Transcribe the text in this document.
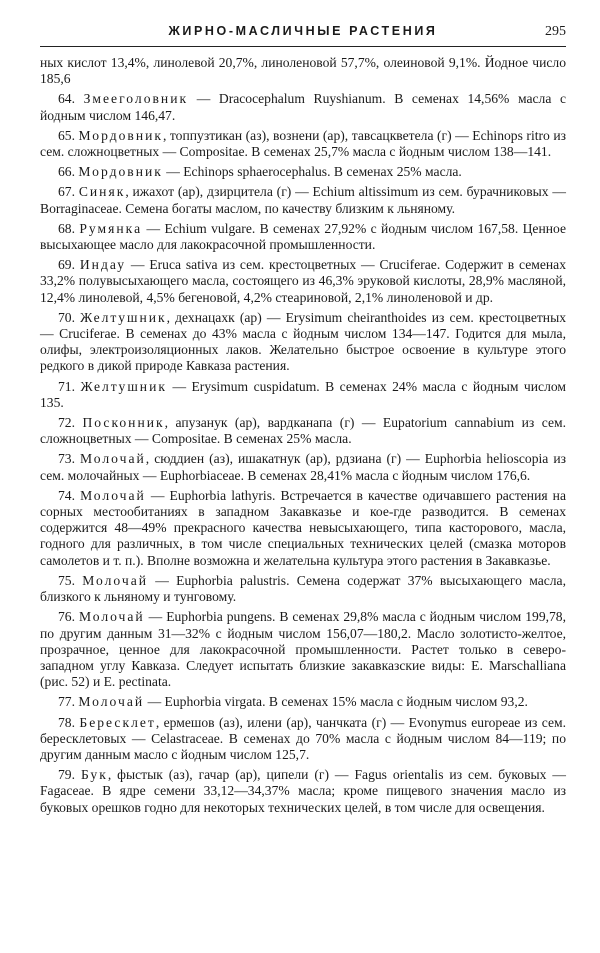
ЖИРНО-МАСЛИЧНЫЕ РАСТЕНИЯ	295

ных кислот 13,4%, линолевой 20,7%, линоленовой 57,7%, олеиновой 9,1%. Йодное число 185,6

64. Змееголовник — Dracocephalum Ruyshianum. В семенах 14,56% масла с йодным числом 146,47.

65. Мордовник, топпузтикан (аз), вознени (ар), тавсацкветела (г) — Echinops ritro из сем. сложноцветных — Compositae. В семенах 25,7% масла с йодным числом 138—141.

66. Мордовник — Echinops sphaerocephalus. В семенах 25% масла.

67. Синяк, ижахот (ар), дзирцитела (г) — Echium altissimum из сем. бурачниковых — Borraginaceae. Семена богаты маслом, по качеству близким к льняному.

68. Румянка — Echium vulgare. В семенах 27,92% с йодным числом 167,58. Ценное высыхающее масло для лакокрасочной промышленности.

69. Индау — Eruca sativa из сем. крестоцветных — Cruciferae. Содержит в семенах 33,2% полувысыхающего масла, состоящего из 46,3% эруковой кислоты, 28,9% масляной, 12,4% линолевой, 4,5% бегеновой, 4,2% стеариновой, 2,1% линоленовой и др.

70. Желтушник, дехнацахк (ар) — Erysimum cheiranthoides из сем. крестоцветных — Cruciferae. В семенах до 43% масла с йодным числом 134—147. Годится для мыла, олифы, электроизоляционных лаков. Желательно быстрое освоение в культуре этого редкого в дикой природе Кавказа растения.

71. Желтушник — Erysimum cuspidatum. В семенах 24% масла с йодным числом 135.

72. Посконник, апузанук (ар), вардканапа (г) — Eupatorium cannabium из сем. сложноцветных — Compositae. В семенах 25% масла.

73. Молочай, сюддиен (аз), ишакатнук (ар), рдзиана (г) — Euphorbia helioscopia из сем. молочайных — Euphorbiaceae. В семенах 28,41% масла с йодным числом 176,6.

74. Молочай — Euphorbia lathyris. Встречается в качестве одичавшего растения на сорных местообитаниях в западном Закавказье и кое-где разводится. В семенах содержится 48—49% прекрасного качества невысыхающего, типа касторового, масла, годного для различных, в том числе специальных технических целей (смазка моторов самолетов и т. п.). Вполне возможна и желательна культура этого растения в Закавказье.

75. Молочай — Euphorbia palustris. Семена содержат 37% высыхающего масла, близкого к льняному и тунговому.

76. Молочай — Euphorbia pungens. В семенах 29,8% масла с йодным числом 199,78, по другим данным 31—32% с йодным числом 156,07—180,2. Масло золотисто-желтое, прозрачное, ценное для лакокрасочной промышленности. Растет только в северо-западном углу Кавказа. Следует испытать близкие закавказские виды: E. Marschalliana (рис. 52) и E. pectinata.

77. Молочай — Euphorbia virgata. В семенах 15% масла с йодным числом 93,2.

78. Бересклет, ермешов (аз), илени (ар), чанчката (г) — Evonymus europeae из сем. бересклетовых — Celastraceae. В семенах до 70% масла с йодным числом 84—119; по другим данным масло с йодным числом 125,7.

79. Бук, фыстык (аз), гачар (ар), ципели (г) — Fagus orientalis из сем. буковых — Fagaceae. В ядре семени 33,12—34,37% масла; кроме пищевого значения масло из буковых орешков годно для некоторых технических целей, в том числе для освещения.
